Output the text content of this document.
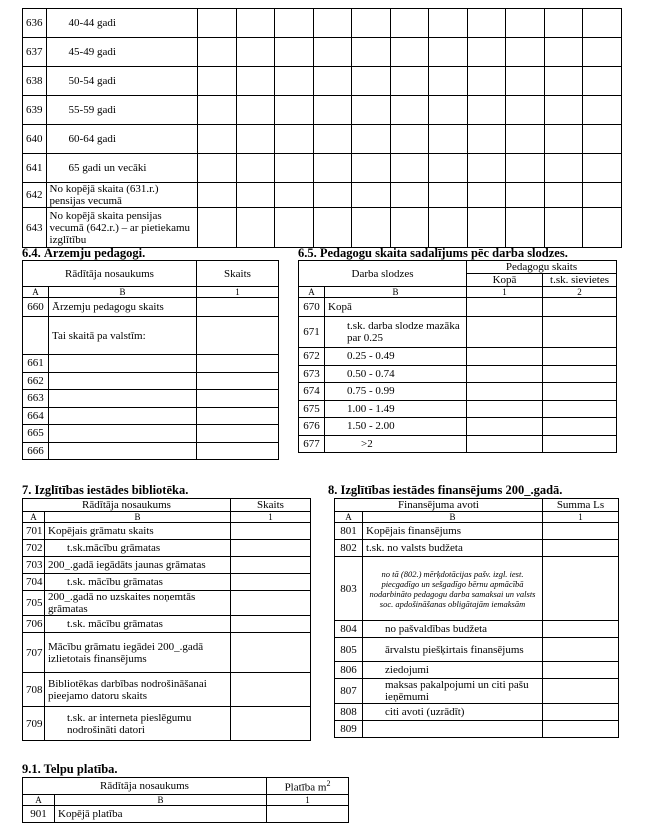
636	40-44 gadi											
637	45-49 gadi											
638	50-54 gadi											
639	55-59 gadi											
640	60-64 gadi											
641	65 gadi un vecāki											
642	No kopējā skaita (631.r.) pensijas vecumā											
643	No kopējā skaita pensijas vecumā (642.r.) – ar pietiekamu izglītību											
6.4. Ārzemju pedagogi.
Rādītāja nosaukums		Skaits
A	B	1
660	Ārzemju pedagogu skaits	
	Tai skaitā pa valstīm:	
661		
662		
663		
664		
665		
666		
6.5. Pedagogu skaita sadalījums pēc darba slodzes.
Darba slodzes		Pedagogu skaits	
		Kopā	t.sk. sievietes
A	B	1	2
670	Kopā		
671	t.sk. darba slodze mazāka par 0.25		
672	0.25 - 0.49		
673	0.50 - 0.74		
674	0.75 - 0.99		
675	1.00 - 1.49		
676	1.50 - 2.00		
677	>2		
7. Izglītības iestādes bibliotēka.
Rādītāja nosaukums		Skaits
A	B	1
701	Kopējais grāmatu skaits	
702	t.sk.mācību grāmatas	
703	200_.gadā iegādāts jaunas grāmatas	
704	t.sk. mācību grāmatas	
705	200_.gadā no uzskaites noņemtās grāmatas	
706	t.sk. mācību grāmatas	
707	Mācību grāmatu iegādei 200_.gadā izlietotais finansējums	
708	Bibliotēkas darbības nodrošināšanai pieejamo datoru skaits	
709	t.sk. ar interneta pieslēgumu nodrošināti datori	
8. Izglītības iestādes finansējums 200_.gadā.
Finansējuma avoti		Summa Ls
A	B	1
801	Kopējais finansējums	
802	t.sk. no valsts budžeta	
803	no tā (802.) mērķdotācijas pašv. izgl. iest. piecgadīgo un sešgadīgo bērnu apmācībā nodarbināto pedagogu darba samaksai un valsts soc. apdošināšanas obligātajām iemaksām	
804	no pašvaldības budžeta	
805	ārvalstu piešķirtais finansējums	
806	ziedojumi	
807	maksas pakalpojumi un citi pašu ieņēmumi	
808	citi avoti (uzrādīt)	
809		
9.1. Telpu platība.
Rādītāja nosaukums		Platība $m^2$
A	B	1
901	Kopējā platība	
